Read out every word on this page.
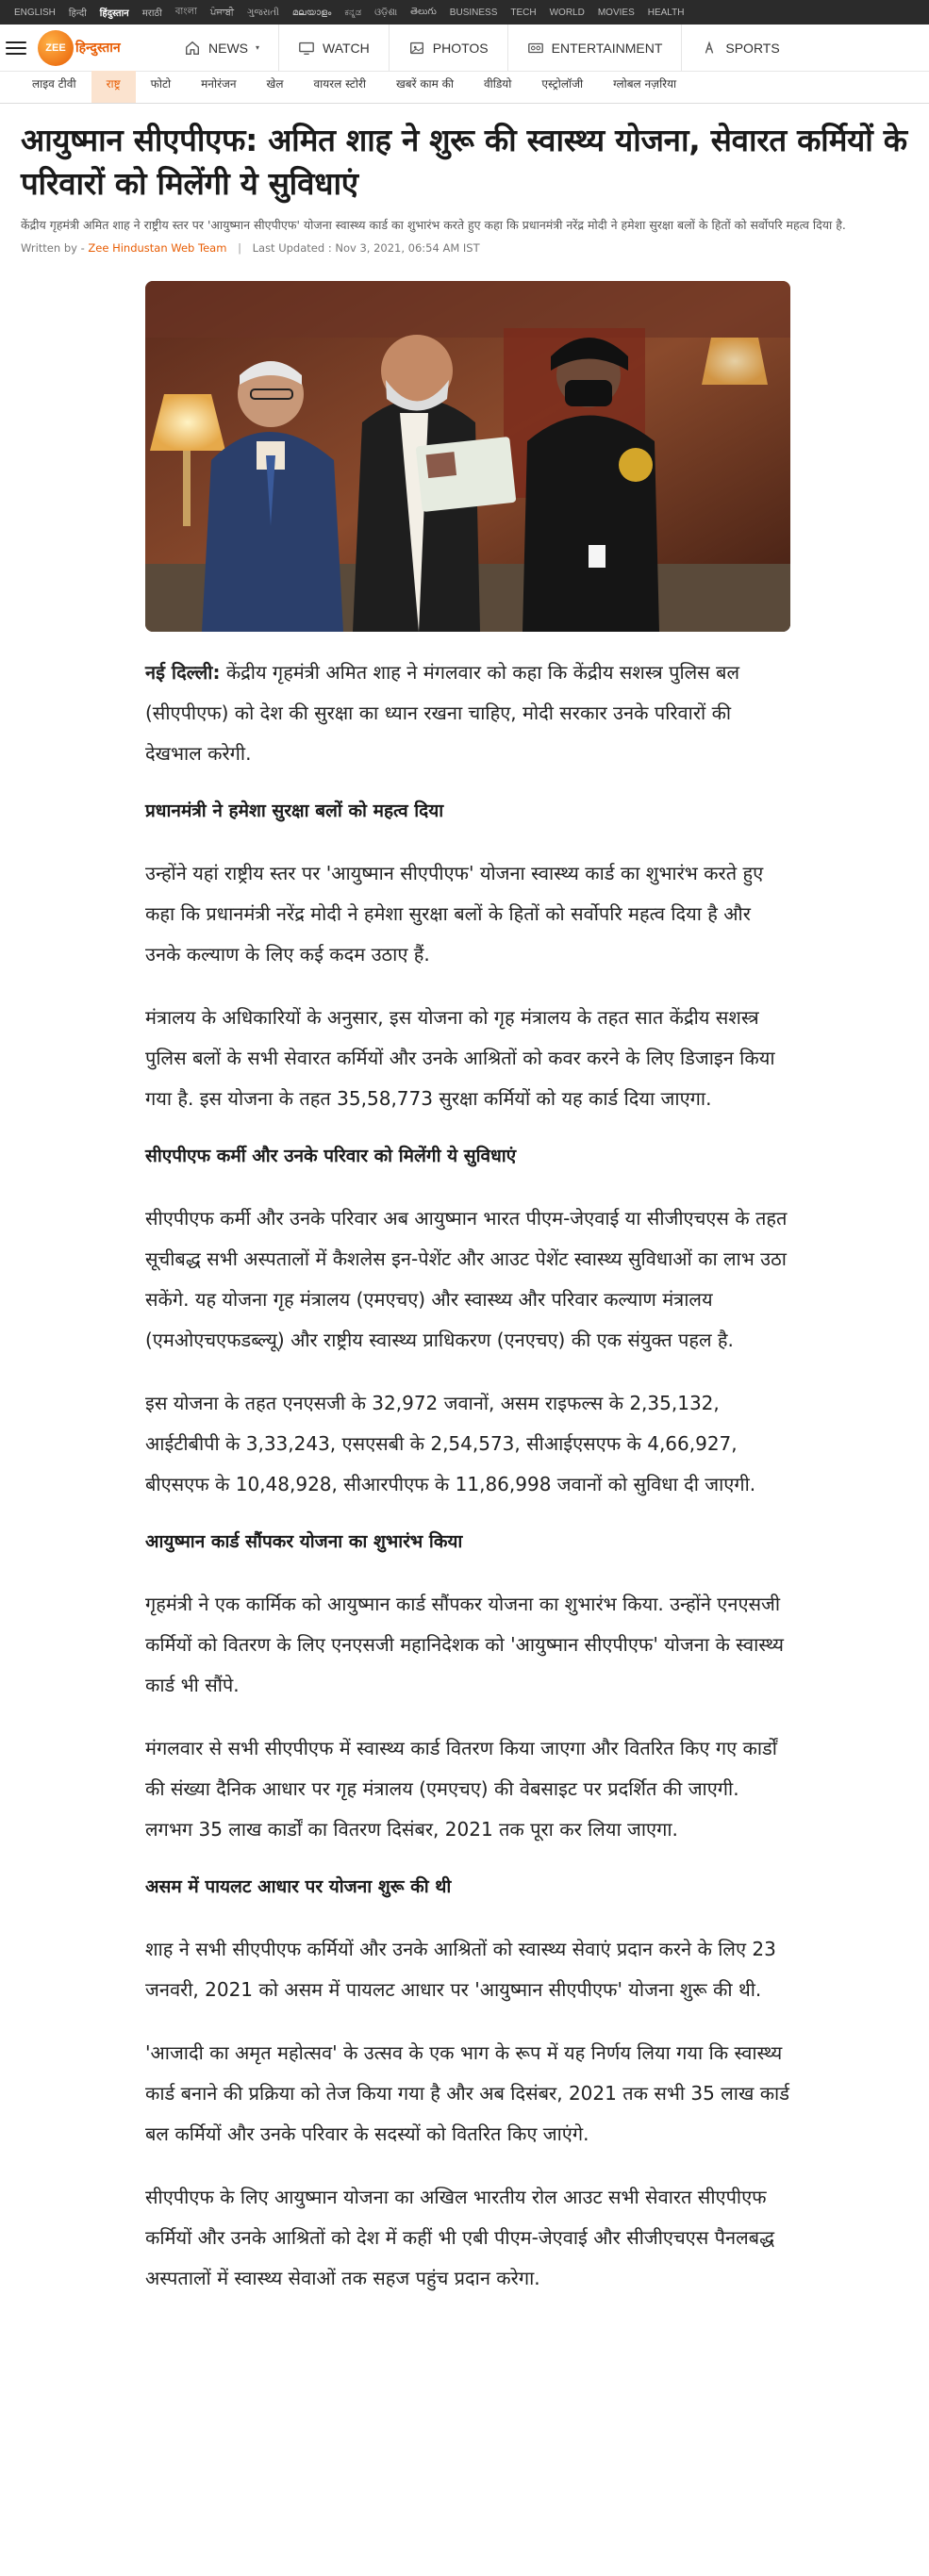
ENGLISH	हिन्दी	हिंदुस्तान	मराठी	বাংলা	ਪੰਜਾਬੀ	ગુજરાતી	മലയാളം	ಕನ್ನಡ	ଓଡ଼ିଶା	తెలుగు	BUSINESS	TECH	WORLD	MOVIES	HEALTH
ZEE हिन्दुस्तान	NEWS ▾	WATCH	PHOTOS	ENTERTAINMENT	SPORTS
लाइव टीवी	राष्ट्र	फोटो	मनोरंजन	खेल	वायरल स्टोरी	खबरें काम की	वीडियो	एस्ट्रोलॉजी	ग्लोबल नज़रिया
आयुष्मान सीएपीएफ: अमित शाह ने शुरू की स्वास्थ्य योजना, सेवारत कर्मियों के परिवारों को मिलेंगी ये सुविधाएं
केंद्रीय गृहमंत्री अमित शाह ने राष्ट्रीय स्तर पर 'आयुष्मान सीएपीएफ' योजना स्वास्थ्य कार्ड का शुभारंभ करते हुए कहा कि प्रधानमंत्री नरेंद्र मोदी ने हमेशा सुरक्षा बलों के हितों को सर्वोपरि महत्व दिया है.
Written by - Zee Hindustan Web Team | Last Updated : Nov 3, 2021, 06:54 AM IST

नई दिल्ली: केंद्रीय गृहमंत्री अमित शाह ने मंगलवार को कहा कि केंद्रीय सशस्त्र पुलिस बल (सीएपीएफ) को देश की सुरक्षा का ध्यान रखना चाहिए, मोदी सरकार उनके परिवारों की देखभाल करेगी.

प्रधानमंत्री ने हमेशा सुरक्षा बलों को महत्व दिया

उन्होंने यहां राष्ट्रीय स्तर पर 'आयुष्मान सीएपीएफ' योजना स्वास्थ्य कार्ड का शुभारंभ करते हुए कहा कि प्रधानमंत्री नरेंद्र मोदी ने हमेशा सुरक्षा बलों के हितों को सर्वोपरि महत्व दिया है और उनके कल्याण के लिए कई कदम उठाए हैं.

मंत्रालय के अधिकारियों के अनुसार, इस योजना को गृह मंत्रालय के तहत सात केंद्रीय सशस्त्र पुलिस बलों के सभी सेवारत कर्मियों और उनके आश्रितों को कवर करने के लिए डिजाइन किया गया है. इस योजना के तहत 35,58,773 सुरक्षा कर्मियों को यह कार्ड दिया जाएगा.

सीएपीएफ कर्मी और उनके परिवार को मिलेंगी ये सुविधाएं

सीएपीएफ कर्मी और उनके परिवार अब आयुष्मान भारत पीएम-जेएवाई या सीजीएचएस के तहत सूचीबद्ध सभी अस्पतालों में कैशलेस इन-पेशेंट और आउट पेशेंट स्वास्थ्य सुविधाओं का लाभ उठा सकेंगे. यह योजना गृह मंत्रालय (एमएचए) और स्वास्थ्य और परिवार कल्याण मंत्रालय (एमओएचएफडब्ल्यू) और राष्ट्रीय स्वास्थ्य प्राधिकरण (एनएचए) की एक संयुक्त पहल है.

इस योजना के तहत एनएसजी के 32,972 जवानों, असम राइफल्स के 2,35,132, आईटीबीपी के 3,33,243, एसएसबी के 2,54,573, सीआईएसएफ के 4,66,927, बीएसएफ के 10,48,928, सीआरपीएफ के 11,86,998 जवानों को सुविधा दी जाएगी.

आयुष्मान कार्ड सौंपकर योजना का शुभारंभ किया

गृहमंत्री ने एक कार्मिक को आयुष्मान कार्ड सौंपकर योजना का शुभारंभ किया. उन्होंने एनएसजी कर्मियों को वितरण के लिए एनएसजी महानिदेशक को 'आयुष्मान सीएपीएफ' योजना के स्वास्थ्य कार्ड भी सौंपे.

मंगलवार से सभी सीएपीएफ में स्वास्थ्य कार्ड वितरण किया जाएगा और वितरित किए गए कार्डों की संख्या दैनिक आधार पर गृह मंत्रालय (एमएचए) की वेबसाइट पर प्रदर्शित की जाएगी. लगभग 35 लाख कार्डों का वितरण दिसंबर, 2021 तक पूरा कर लिया जाएगा.

असम में पायलट आधार पर योजना शुरू की थी

शाह ने सभी सीएपीएफ कर्मियों और उनके आश्रितों को स्वास्थ्य सेवाएं प्रदान करने के लिए 23 जनवरी, 2021 को असम में पायलट आधार पर 'आयुष्मान सीएपीएफ' योजना शुरू की थी.

'आजादी का अमृत महोत्सव' के उत्सव के एक भाग के रूप में यह निर्णय लिया गया कि स्वास्थ्य कार्ड बनाने की प्रक्रिया को तेज किया गया है और अब दिसंबर, 2021 तक सभी 35 लाख कार्ड बल कर्मियों और उनके परिवार के सदस्यों को वितरित किए जाएंगे.

सीएपीएफ के लिए आयुष्मान योजना का अखिल भारतीय रोल आउट सभी सेवारत सीएपीएफ कर्मियों और उनके आश्रितों को देश में कहीं भी एबी पीएम-जेएवाई और सीजीएचएस पैनलबद्ध अस्पतालों में स्वास्थ्य सेवाओं तक सहज पहुंच प्रदान करेगा.
